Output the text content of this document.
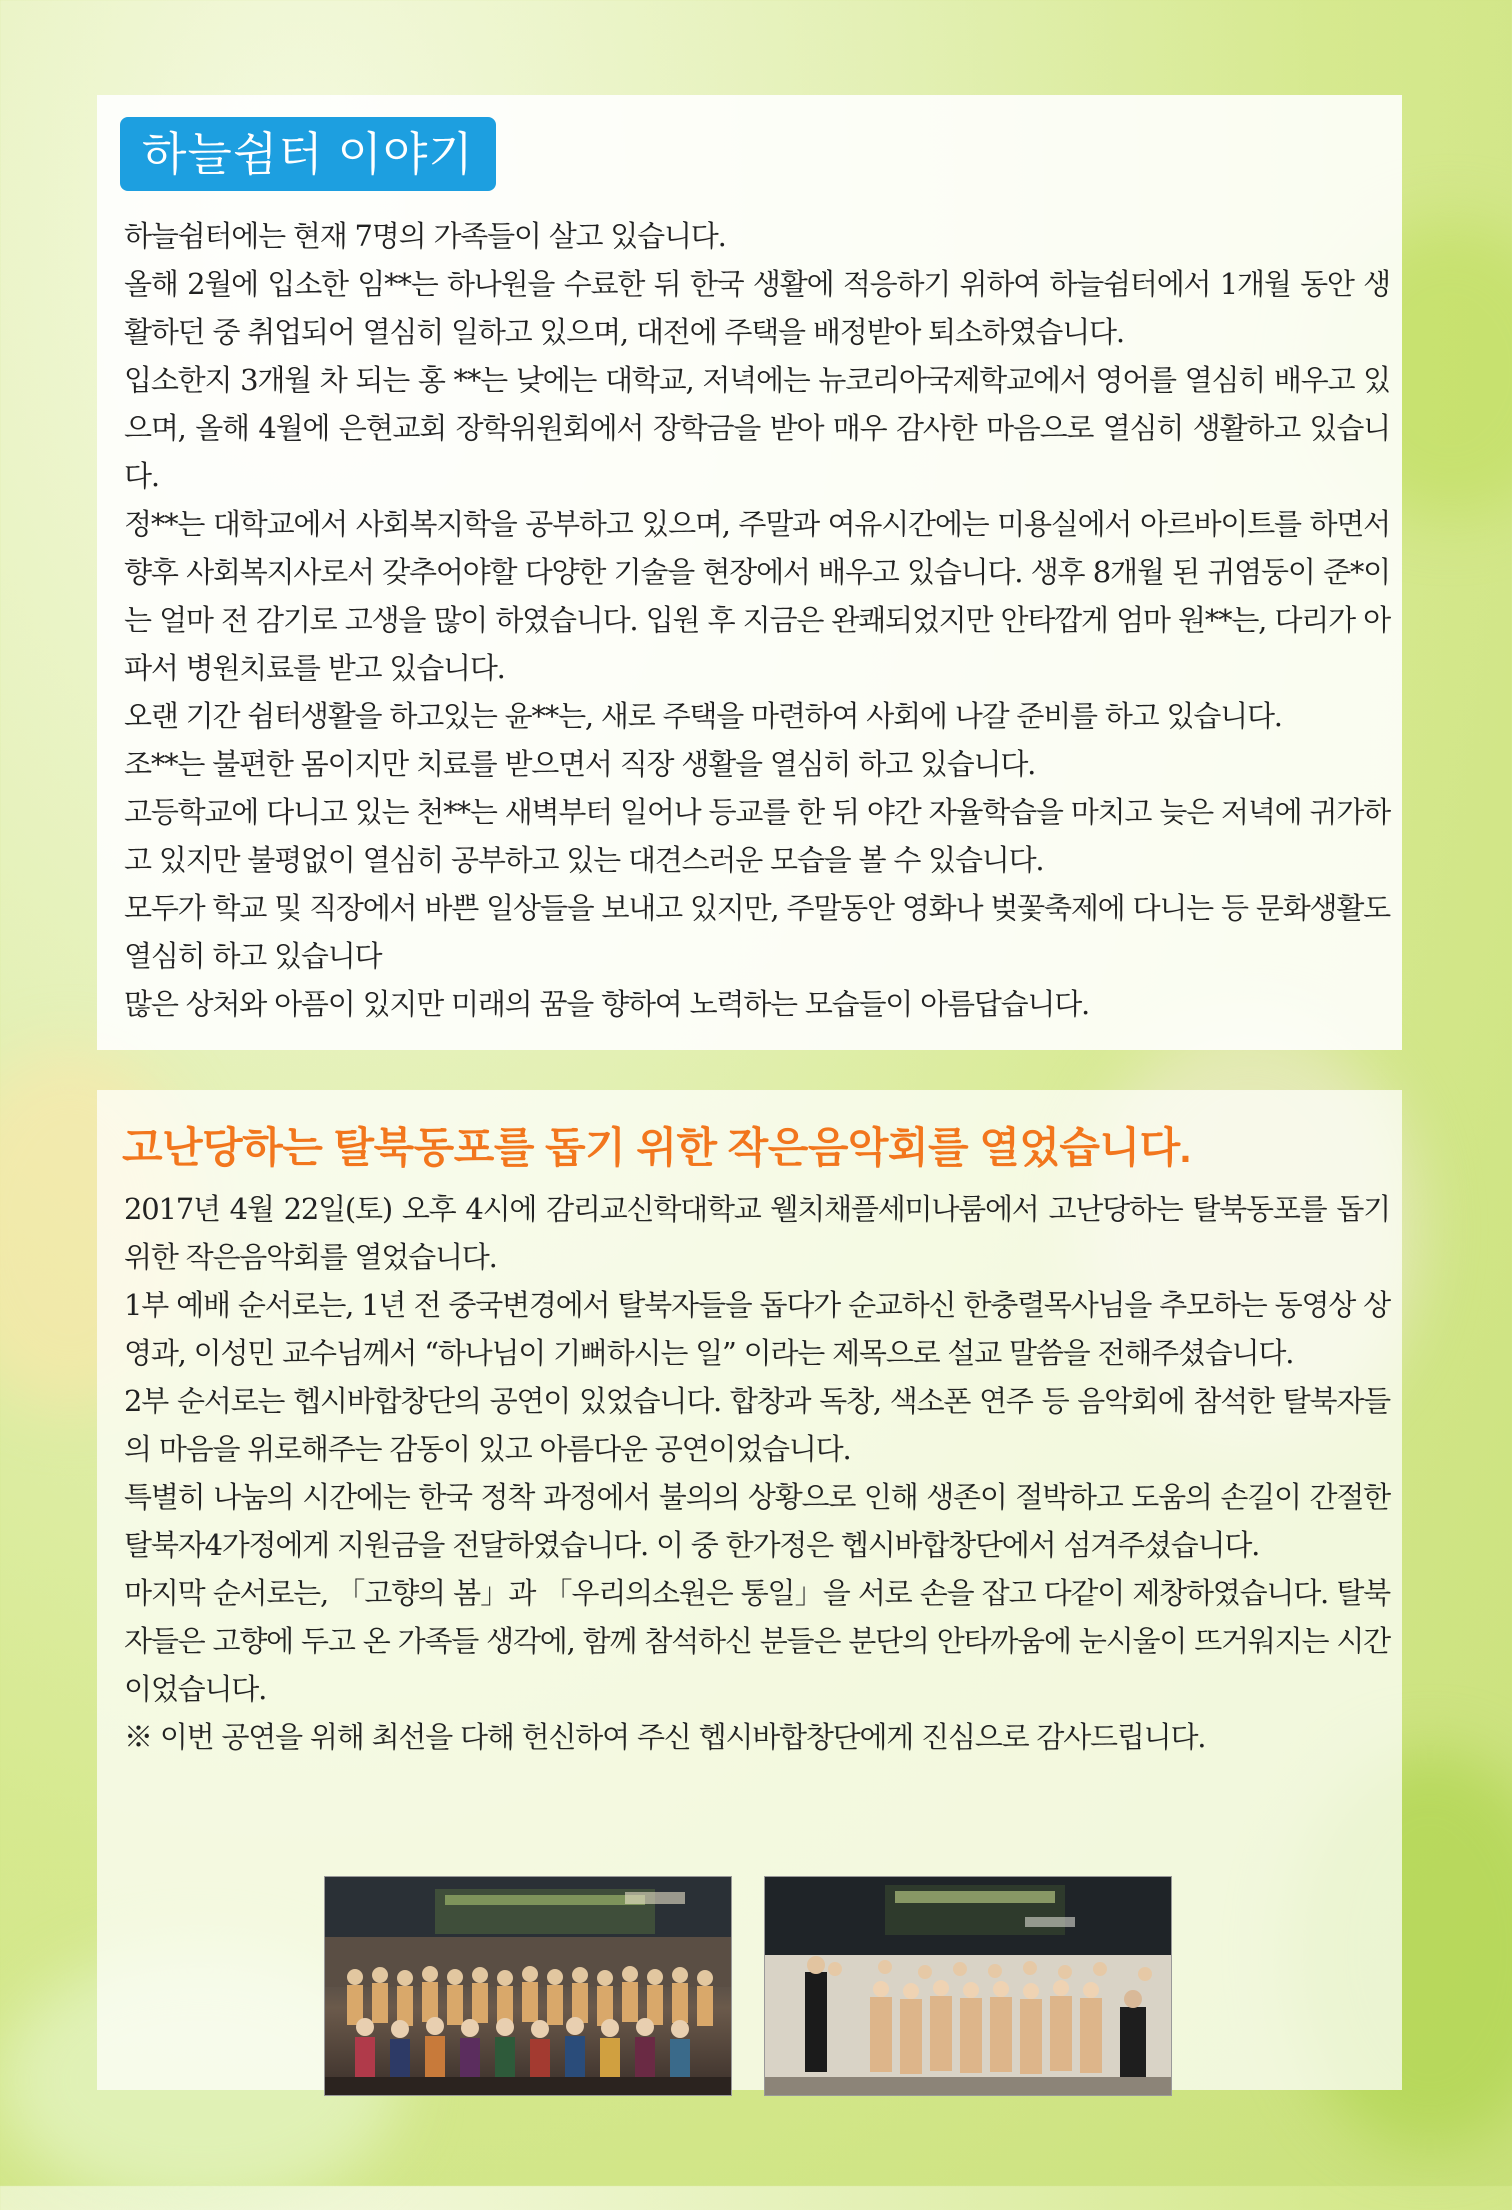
하늘쉼터 이야기

하늘쉼터에는 현재 7명의 가족들이 살고 있습니다.

올해 2월에 입소한 임**는 하나원을 수료한 뒤 한국 생활에 적응하기 위하여 하늘쉼터에서 1개월 동안 생활하던 중 취업되어 열심히 일하고 있으며, 대전에 주택을 배정받아 퇴소하였습니다.

입소한지 3개월 차 되는 홍 **는 낮에는 대학교, 저녁에는 뉴코리아국제학교에서 영어를 열심히 배우고 있으며, 올해 4월에 은현교회 장학위원회에서 장학금을 받아 매우 감사한 마음으로 열심히 생활하고 있습니다.

정**는 대학교에서 사회복지학을 공부하고 있으며, 주말과 여유시간에는 미용실에서 아르바이트를 하면서 향후 사회복지사로서 갖추어야할 다양한 기술을 현장에서 배우고 있습니다. 생후 8개월 된 귀염둥이 준*이는 얼마 전 감기로 고생을 많이 하였습니다. 입원 후 지금은 완쾌되었지만 안타깝게 엄마 원**는, 다리가 아파서 병원치료를 받고 있습니다.

오랜 기간 쉼터생활을 하고있는 윤**는, 새로 주택을 마련하여 사회에 나갈 준비를 하고 있습니다.

조**는 불편한 몸이지만 치료를 받으면서 직장 생활을 열심히 하고 있습니다.

고등학교에 다니고 있는 천**는 새벽부터 일어나 등교를 한 뒤 야간 자율학습을 마치고 늦은 저녁에 귀가하고 있지만 불평없이 열심히 공부하고 있는 대견스러운 모습을 볼 수 있습니다.

모두가 학교 및 직장에서 바쁜 일상들을 보내고 있지만, 주말동안 영화나 벚꽃축제에 다니는 등 문화생활도 열심히 하고 있습니다

많은 상처와 아픔이 있지만 미래의 꿈을 향하여 노력하는 모습들이 아름답습니다.

고난당하는 탈북동포를 돕기 위한 작은음악회를 열었습니다.

2017년 4월 22일(토) 오후 4시에 감리교신학대학교 웰치채플세미나룸에서 고난당하는 탈북동포를 돕기 위한 작은음악회를 열었습니다.

1부 예배 순서로는, 1년 전 중국변경에서 탈북자들을 돕다가 순교하신 한충렬목사님을 추모하는 동영상 상영과, 이성민 교수님께서 “하나님이 기뻐하시는 일” 이라는 제목으로 설교 말씀을 전해주셨습니다.

2부 순서로는 헵시바합창단의 공연이 있었습니다. 합창과 독창, 색소폰 연주 등 음악회에 참석한 탈북자들의 마음을 위로해주는 감동이 있고 아름다운 공연이었습니다.

특별히 나눔의 시간에는 한국 정착 과정에서 불의의 상황으로 인해 생존이 절박하고 도움의 손길이 간절한 탈북자4가정에게 지원금을 전달하였습니다. 이 중 한가정은 헵시바합창단에서 섬겨주셨습니다.

마지막 순서로는, 「고향의 봄」과 「우리의소원은 통일」을 서로 손을 잡고 다같이 제창하였습니다. 탈북자들은 고향에 두고 온 가족들 생각에, 함께 참석하신 분들은 분단의 안타까움에 눈시울이 뜨거워지는 시간이었습니다.

※ 이번 공연을 위해 최선을 다해 헌신하여 주신 헵시바합창단에게 진심으로 감사드립니다.
